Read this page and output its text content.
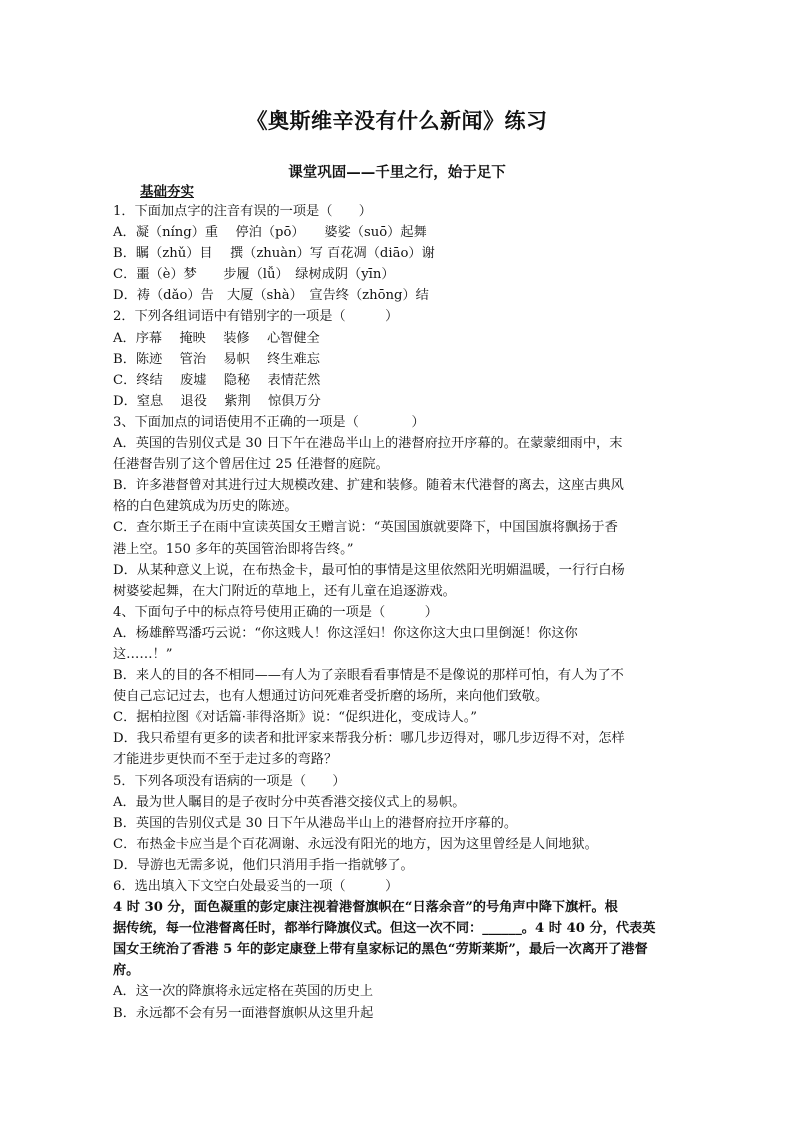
《奥斯维辛没有什么新闻》练习
课堂巩固——千里之行，始于足下
基础夯实

1．下面加点字的注音有误的一项是（　　）

A．凝（níng）重　 停泊（pō）　　婆娑（suō）起舞

B．瞩（zhǔ）目　 撰（zhuàn）写 百花凋（diāo）谢

C．噩（è）梦　　步履（lǚ）　绿树成阴（yīn）

D．祷（dǎo）告　大厦（shà）　宣告终（zhōng）结

2．下列各组词语中有错别字的一项是（　　　）

A．序幕　 掩映　 装修　 心智健全

B．陈迹　 管治　 易帜　 终生难忘

C．终结　 废墟　 隐秘　 表情茫然

D．窒息　 退役　 紫荆　 惊俱万分

3、下面加点的词语使用不正确的一项是（　　　　）

A．英国的告别仪式是 30 日下午在港岛半山上的港督府拉开序幕的。在蒙蒙细雨中，末

任港督告别了这个曾居住过 25 任港督的庭院。

B．许多港督曾对其进行过大规模改建、扩建和装修。随着末代港督的离去，这座古典风

格的白色建筑成为历史的陈迹。

C．查尔斯王子在雨中宣读英国女王赠言说：“英国国旗就要降下，中国国旗将飘扬于香

港上空。150 多年的英国管治即将告终。”

D．从某种意义上说，在布热金卡，最可怕的事情是这里依然阳光明媚温暖，一行行白杨

树婆娑起舞，在大门附近的草地上，还有儿童在追逐游戏。

4、下面句子中的标点符号使用正确的一项是（　　　）

A．杨雄醉骂潘巧云说：“你这贱人！你这淫妇！你这你这大虫口里倒涎！你这你

这……！”

B．来人的目的各不相同——有人为了亲眼看看事情是不是像说的那样可怕，有人为了不

使自己忘记过去，也有人想通过访问死难者受折磨的场所，来向他们致敬。

C．据柏拉图《对话篇·菲得洛斯》说：“促织进化，变成诗人。”

D．我只希望有更多的读者和批评家来帮我分析：哪几步迈得对，哪几步迈得不对，怎样

才能进步更快而不至于走过多的弯路？

5．下列各项没有语病的一项是（　　）

A．最为世人瞩目的是子夜时分中英香港交接仪式上的易帜。

B．英国的告别仪式是 30 日下午从港岛半山上的港督府拉开序幕的。

C．布热金卡应当是个百花凋谢、永远没有阳光的地方，因为这里曾经是人间地狱。

D．导游也无需多说，他们只消用手指一指就够了。

6．选出填入下文空白处最妥当的一项（　　　）

4 时 30 分，面色凝重的彭定康注视着港督旗帜在“日落余音”的号角声中降下旗杆。根

据传统，每一位港督离任时，都举行降旗仪式。但这一次不同：______。4 时 40 分，代表英

国女王统治了香港 5 年的彭定康登上带有皇家标记的黑色“劳斯莱斯”，最后一次离开了港督

府。

A．这一次的降旗将永远定格在英国的历史上

B．永远都不会有另一面港督旗帜从这里升起
